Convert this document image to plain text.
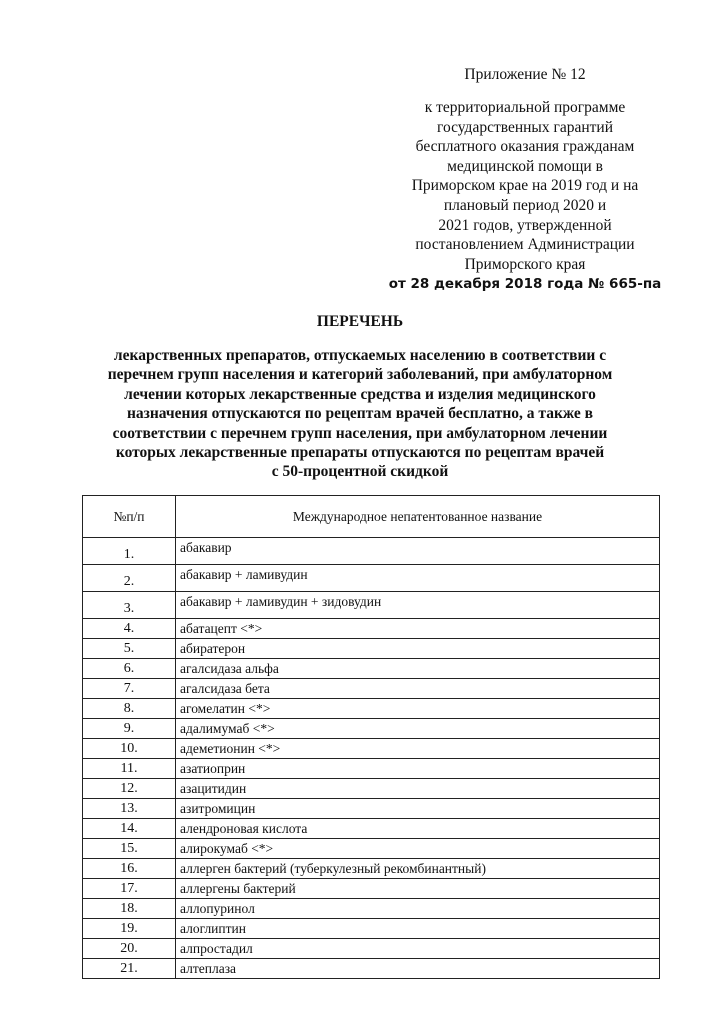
Приложение № 12
к территориальной программе
государственных гарантий
бесплатного оказания гражданам
медицинской помощи в
Приморском крае на 2019 год и на
плановый период 2020 и
2021 годов, утвержденной
постановлением Администрации
Приморского края
от 28 декабря 2018 года № 665-па
ПЕРЕЧЕНЬ
лекарственных препаратов, отпускаемых населению в соответствии с
перечнем групп населения и категорий заболеваний, при амбулаторном
лечении которых лекарственные средства и изделия медицинского
назначения отпускаются по рецептам врачей бесплатно, а также в
соответствии с перечнем групп населения, при амбулаторном лечении
которых лекарственные препараты отпускаются по рецептам врачей
с 50-процентной скидкой
№п/п	Международное непатентованное название
1.	абакавир
2.	абакавир + ламивудин
3.	абакавир + ламивудин + зидовудин
4.	абатацепт <*>
5.	абиратерон
6.	агалсидаза альфа
7.	агалсидаза бета
8.	агомелатин <*>
9.	адалимумаб <*>
10.	адеметионин <*>
11.	азатиоприн
12.	азацитидин
13.	азитромицин
14.	алендроновая кислота
15.	алирокумаб <*>
16.	аллерген бактерий (туберкулезный рекомбинантный)
17.	аллергены бактерий
18.	аллопуринол
19.	алоглиптин
20.	алпростадил
21.	алтеплаза
